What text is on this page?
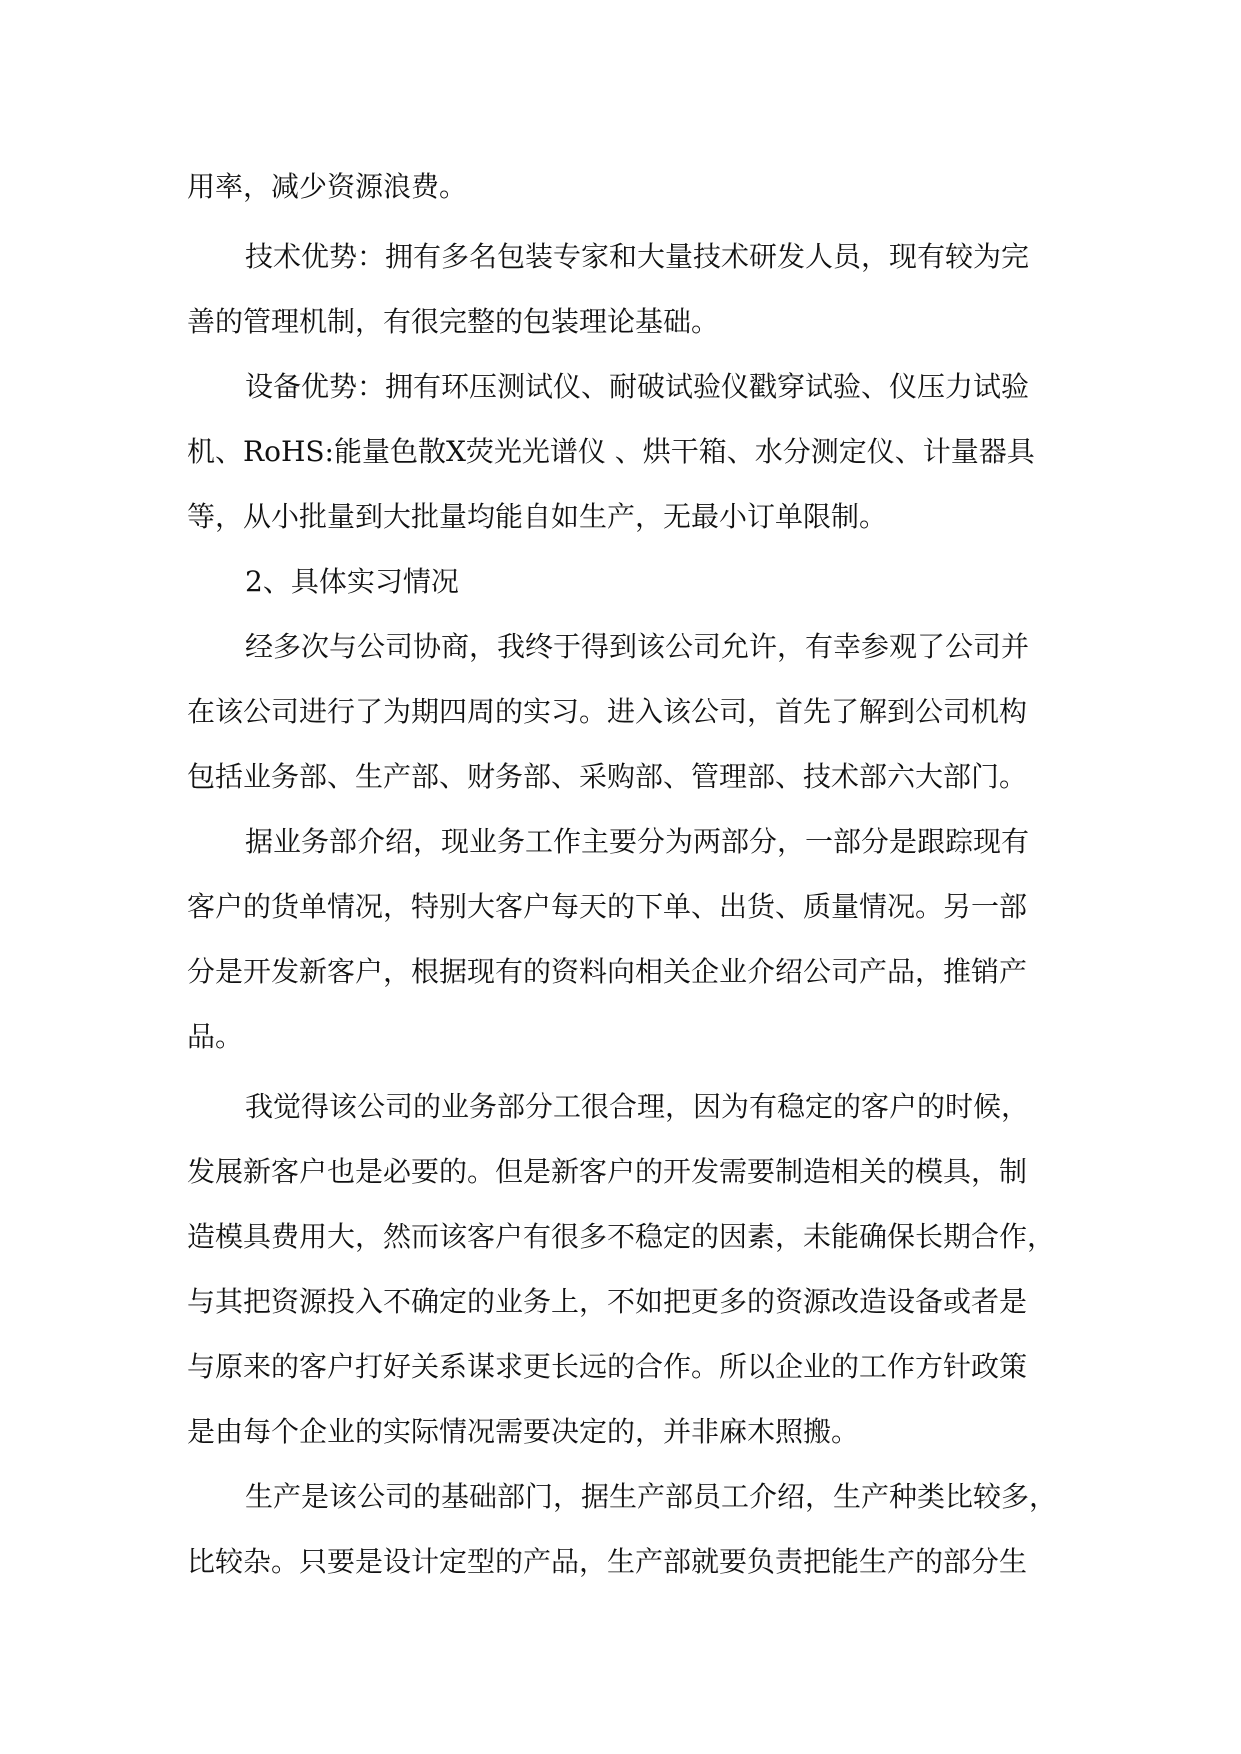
用率，减少资源浪费。
技术优势：拥有多名包装专家和大量技术研发人员，现有较为完
善的管理机制，有很完整的包装理论基础。
设备优势：拥有环压测试仪、耐破试验仪戳穿试验、仪压力试验
机、RoHS:能量色散X荧光光谱仪 、烘干箱、水分测定仪、计量器具
等，从小批量到大批量均能自如生产，无最小订单限制。
2、具体实习情况
经多次与公司协商，我终于得到该公司允许，有幸参观了公司并
在该公司进行了为期四周的实习。进入该公司，首先了解到公司机构
包括业务部、生产部、财务部、采购部、管理部、技术部六大部门。
据业务部介绍，现业务工作主要分为两部分，一部分是跟踪现有
客户的货单情况，特别大客户每天的下单、出货、质量情况。另一部
分是开发新客户，根据现有的资料向相关企业介绍公司产品，推销产
品。
我觉得该公司的业务部分工很合理，因为有稳定的客户的时候，
发展新客户也是必要的。但是新客户的开发需要制造相关的模具，制
造模具费用大，然而该客户有很多不稳定的因素，未能确保长期合作，
与其把资源投入不确定的业务上，不如把更多的资源改造设备或者是
与原来的客户打好关系谋求更长远的合作。所以企业的工作方针政策
是由每个企业的实际情况需要决定的，并非麻木照搬。
生产是该公司的基础部门，据生产部员工介绍，生产种类比较多，
比较杂。只要是设计定型的产品，生产部就要负责把能生产的部分生
